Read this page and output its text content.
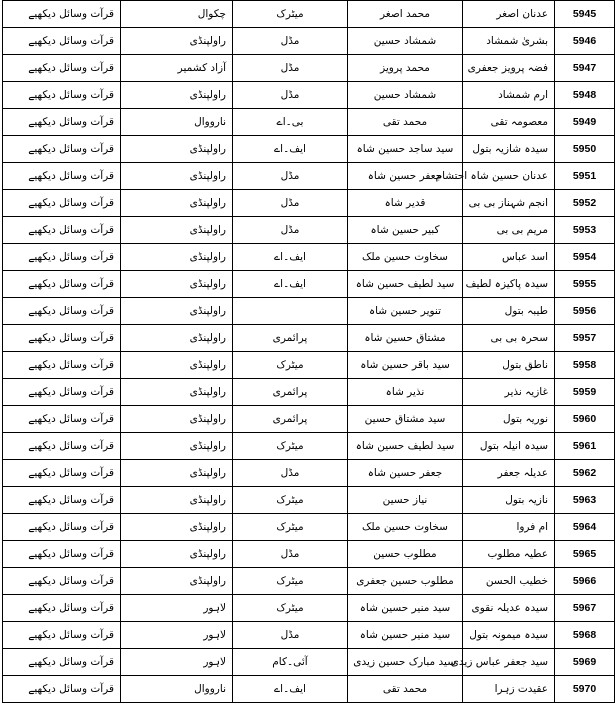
قرآت وسائل دیکھیے	چکوال	میٹرک	محمد اصغر	عدنان اصغر	5945
قرآت وسائل دیکھیے	راولپنڈی	مڈل	شمشاد حسین	بشریٰ شمشاد	5946
قرآت وسائل دیکھیے	آزاد کشمیر	مڈل	محمد پرویز	فضہ پرویز جعفری	5947
قرآت وسائل دیکھیے	راولپنڈی	مڈل	شمشاد حسین	ارم شمشاد	5948
قرآت وسائل دیکھیے	نارووال	بی۔اے	محمد تقی	معصومہ تقی	5949
قرآت وسائل دیکھیے	راولپنڈی	ایف۔اے	سید ساجد حسین شاہ	سیدہ شازیہ بتول	5950
قرآت وسائل دیکھیے	راولپنڈی	مڈل	جعفر حسین شاہ	عدنان حسین شاہ احتشام	5951
قرآت وسائل دیکھیے	راولپنڈی	مڈل	قدیر شاہ	انجم شہناز بی بی	5952
قرآت وسائل دیکھیے	راولپنڈی	مڈل	کبیر حسین شاہ	مریم بی بی	5953
قرآت وسائل دیکھیے	راولپنڈی	ایف۔اے	سخاوت حسین ملک	اسد عباس	5954
قرآت وسائل دیکھیے	راولپنڈی	ایف۔اے	سید لطیف حسین شاہ	سیدہ پاکیزہ لطیف	5955
قرآت وسائل دیکھیے	راولپنڈی		تنویر حسین شاہ	طیبہ بتول	5956
قرآت وسائل دیکھیے	راولپنڈی	پرائمری	مشتاق حسین شاہ	سحرہ بی بی	5957
قرآت وسائل دیکھیے	راولپنڈی	میٹرک	سید باقر حسین شاہ	ناطق بتول	5958
قرآت وسائل دیکھیے	راولپنڈی	پرائمری	نذیر شاہ	غازیہ نذیر	5959
قرآت وسائل دیکھیے	راولپنڈی	پرائمری	سید مشتاق حسین	نوریہ بتول	5960
قرآت وسائل دیکھیے	راولپنڈی	میٹرک	سید لطیف حسین شاہ	سیدہ انیلہ بتول	5961
قرآت وسائل دیکھیے	راولپنڈی	مڈل	جعفر حسین شاہ	عدیلہ جعفر	5962
قرآت وسائل دیکھیے	راولپنڈی	میٹرک	نیاز حسین	نازیہ بتول	5963
قرآت وسائل دیکھیے	راولپنڈی	میٹرک	سخاوت حسین ملک	ام فروا	5964
قرآت وسائل دیکھیے	راولپنڈی	مڈل	مطلوب حسین	عطیہ مطلوب	5965
قرآت وسائل دیکھیے	راولپنڈی	میٹرک	مطلوب حسین جعفری	خطیب الحسن	5966
قرآت وسائل دیکھیے	لاہور	میٹرک	سید منیر حسین شاہ	سیدہ عدیلہ نقوی	5967
قرآت وسائل دیکھیے	لاہور	مڈل	سید منیر حسین شاہ	سیدہ میمونہ بتول	5968
قرآت وسائل دیکھیے	لاہور	آئی۔کام	سید مبارک حسین زیدی	سید جعفر عباس زیدی	5969
قرآت وسائل دیکھیے	نارووال	ایف۔اے	محمد تقی	عقیدت زہرا	5970
